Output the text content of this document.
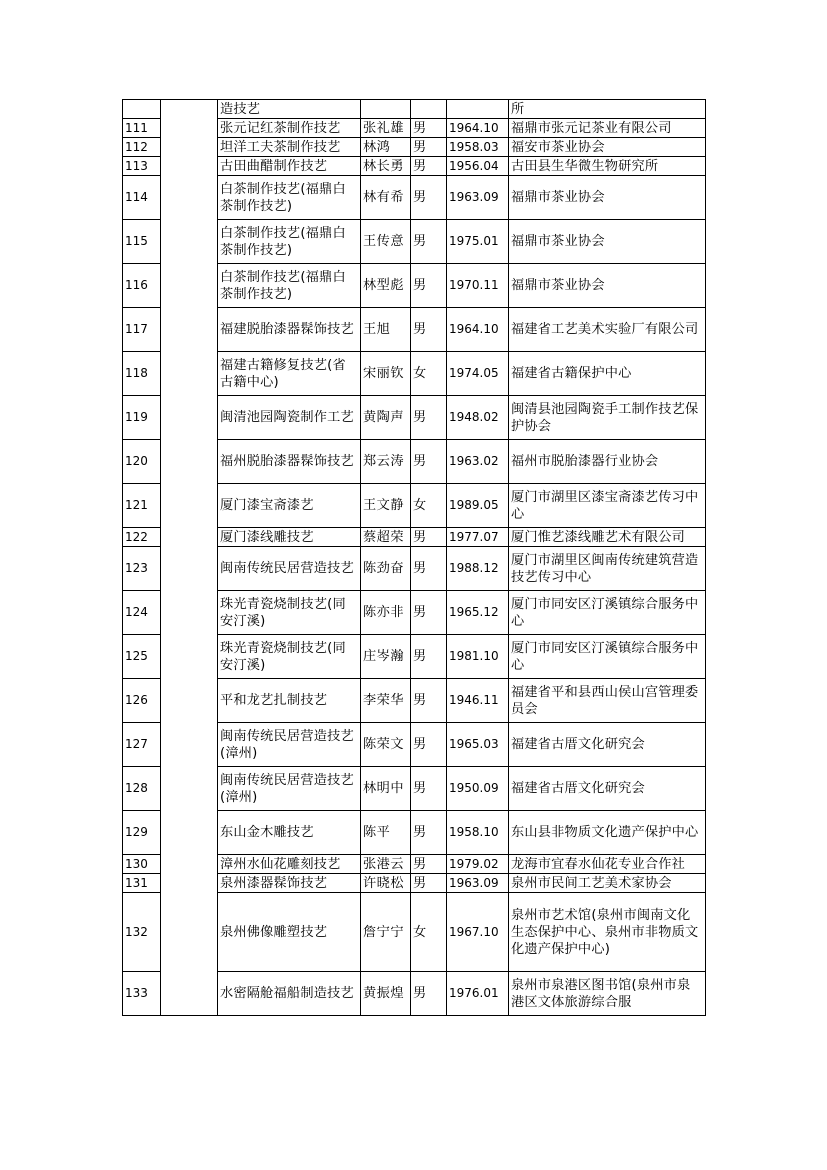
		造技艺				所
111		张元记红茶制作技艺	张礼雄	男	1964.10	福鼎市张元记茶业有限公司
112		坦洋工夫茶制作技艺	林鸿	男	1958.03	福安市茶业协会
113		古田曲醋制作技艺	林长勇	男	1956.04	古田县生华微生物研究所
114		白茶制作技艺(福鼎白茶制作技艺)	林有希	男	1963.09	福鼎市茶业协会
115		白茶制作技艺(福鼎白茶制作技艺)	王传意	男	1975.01	福鼎市茶业协会
116		白茶制作技艺(福鼎白茶制作技艺)	林型彪	男	1970.11	福鼎市茶业协会
117		福建脱胎漆器髹饰技艺	王旭	男	1964.10	福建省工艺美术实验厂有限公司
118		福建古籍修复技艺(省古籍中心)	宋丽钦	女	1974.05	福建省古籍保护中心
119		闽清池园陶瓷制作工艺	黄陶声	男	1948.02	闽清县池园陶瓷手工制作技艺保护协会
120		福州脱胎漆器髹饰技艺	郑云涛	男	1963.02	福州市脱胎漆器行业协会
121		厦门漆宝斋漆艺	王文静	女	1989.05	厦门市湖里区漆宝斋漆艺传习中心
122		厦门漆线雕技艺	蔡超荣	男	1977.07	厦门惟艺漆线雕艺术有限公司
123		闽南传统民居营造技艺	陈劲奋	男	1988.12	厦门市湖里区闽南传统建筑营造技艺传习中心
124		珠光青瓷烧制技艺(同安汀溪)	陈亦非	男	1965.12	厦门市同安区汀溪镇综合服务中心
125		珠光青瓷烧制技艺(同安汀溪)	庄岑瀚	男	1981.10	厦门市同安区汀溪镇综合服务中心
126		平和龙艺扎制技艺	李荣华	男	1946.11	福建省平和县西山侯山宫管理委员会
127		闽南传统民居营造技艺(漳州)	陈荣文	男	1965.03	福建省古厝文化研究会
128		闽南传统民居营造技艺(漳州)	林明中	男	1950.09	福建省古厝文化研究会
129		东山金木雕技艺	陈平	男	1958.10	东山县非物质文化遗产保护中心
130		漳州水仙花雕刻技艺	张港云	男	1979.02	龙海市宜春水仙花专业合作社
131		泉州漆器髹饰技艺	许晓松	男	1963.09	泉州市民间工艺美术家协会
132		泉州佛像雕塑技艺	詹宁宁	女	1967.10	泉州市艺术馆(泉州市闽南文化生态保护中心、泉州市非物质文化遗产保护中心)
133		水密隔舱福船制造技艺	黄振煌	男	1976.01	泉州市泉港区图书馆(泉州市泉港区文体旅游综合服
